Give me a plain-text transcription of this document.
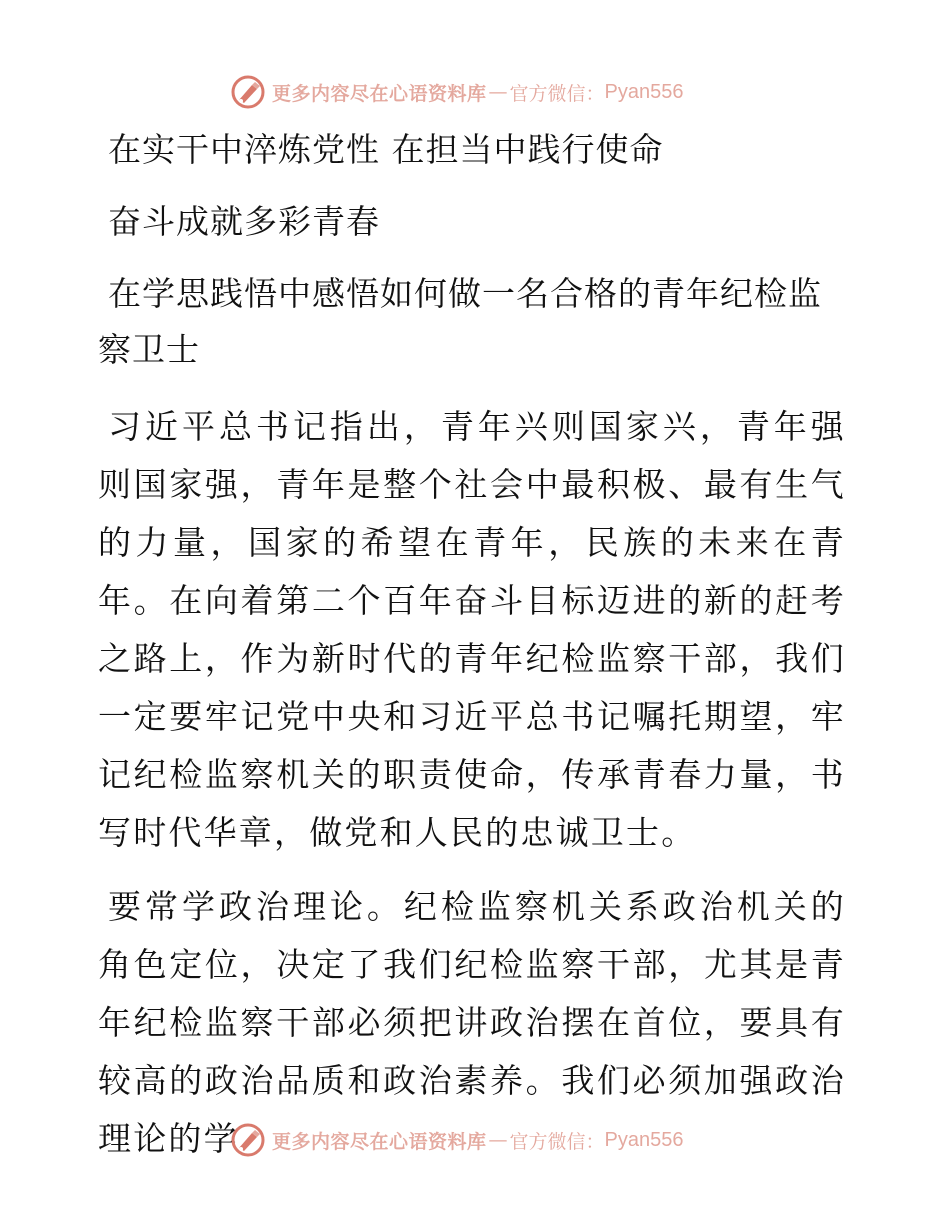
更多内容尽在心语资料库 — 官方微信： Pyan556
在实干中淬炼党性 在担当中践行使命
奋斗成就多彩青春
在学思践悟中感悟如何做一名合格的青年纪检监察卫士

习近平总书记指出，青年兴则国家兴，青年强则国家强，青年是整个社会中最积极、最有生气的力量，国家的希望在青年，民族的未来在青年。在向着第二个百年奋斗目标迈进的新的赶考之路上，作为新时代的青年纪检监察干部，我们一定要牢记党中央和习近平总书记嘱托期望，牢记纪检监察机关的职责使命，传承青春力量，书写时代华章，做党和人民的忠诚卫士。

要常学政治理论。纪检监察机关系政治机关的角色定位，决定了我们纪检监察干部，尤其是青年纪检监察干部必须把讲政治摆在首位，要具有较高的政治品质和政治素养。我们必须加强政治理论的学	更多内容尽在心语资料库 — 官方微信： Pyan556
